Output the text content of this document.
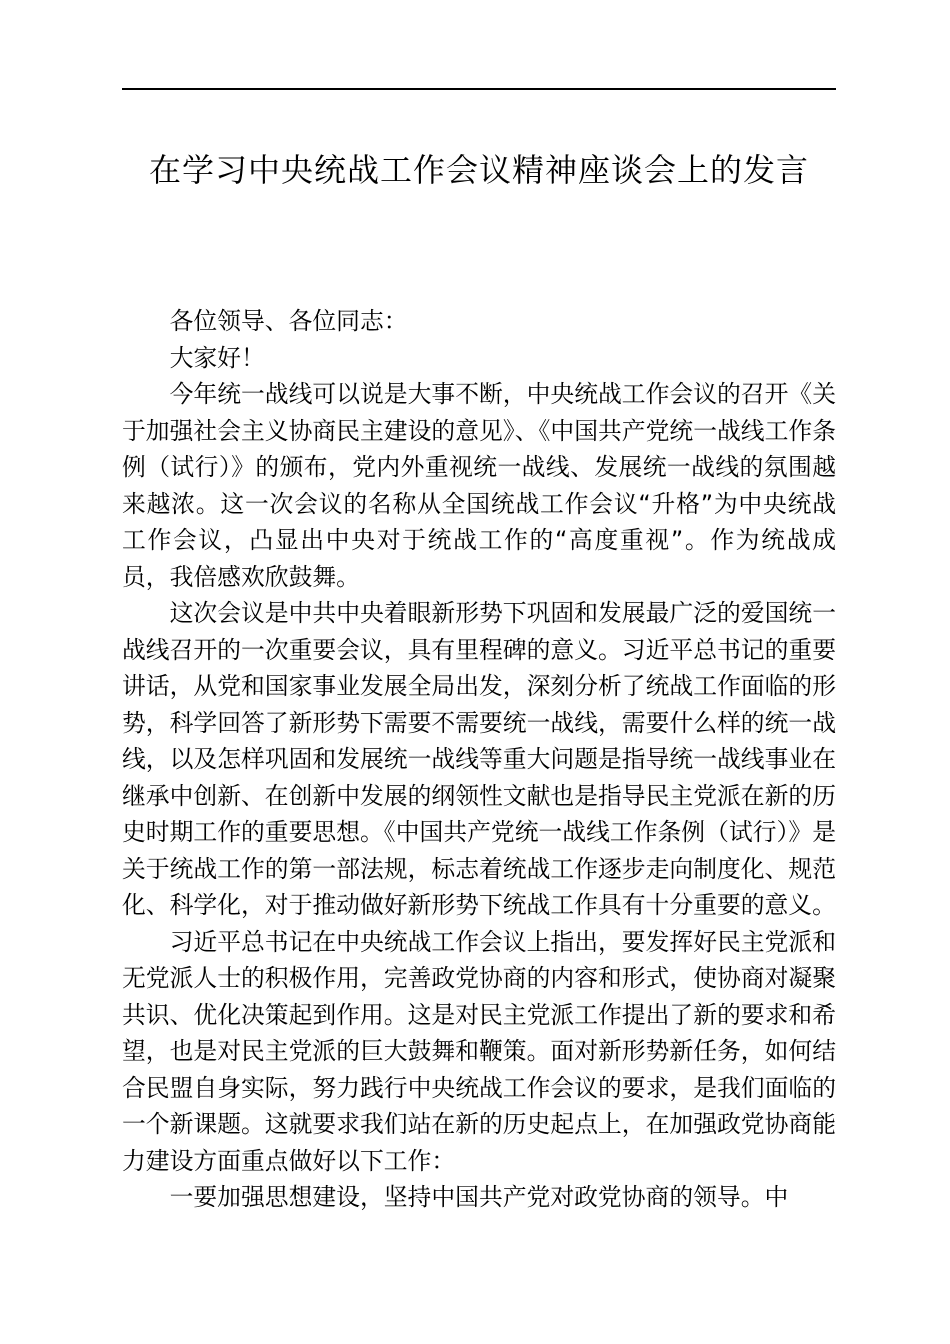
在学习中央统战工作会议精神座谈会上的发言

各位领导、各位同志：

大家好！

今年统一战线可以说是大事不断，中央统战工作会议的召开《关于加强社会主义协商民主建设的意见》、《中国共产党统一战线工作条例（试行）》的颁布，党内外重视统一战线、发展统一战线的氛围越来越浓。这一次会议的名称从全国统战工作会议“升格”为中央统战工作会议，凸显出中央对于统战工作的“高度重视”。作为统战成员，我倍感欢欣鼓舞。

这次会议是中共中央着眼新形势下巩固和发展最广泛的爱国统一战线召开的一次重要会议，具有里程碑的意义。习近平总书记的重要讲话，从党和国家事业发展全局出发，深刻分析了统战工作面临的形势，科学回答了新形势下需要不需要统一战线，需要什么样的统一战线，以及怎样巩固和发展统一战线等重大问题是指导统一战线事业在继承中创新、在创新中发展的纲领性文献也是指导民主党派在新的历史时期工作的重要思想。《中国共产党统一战线工作条例（试行）》是关于统战工作的第一部法规，标志着统战工作逐步走向制度化、规范化、科学化，对于推动做好新形势下统战工作具有十分重要的意义。

习近平总书记在中央统战工作会议上指出，要发挥好民主党派和无党派人士的积极作用，完善政党协商的内容和形式，使协商对凝聚共识、优化决策起到作用。这是对民主党派工作提出了新的要求和希望，也是对民主党派的巨大鼓舞和鞭策。面对新形势新任务，如何结合民盟自身实际，努力践行中央统战工作会议的要求，是我们面临的一个新课题。这就要求我们站在新的历史起点上，在加强政党协商能力建设方面重点做好以下工作：

一要加强思想建设，坚持中国共产党对政党协商的领导。中
